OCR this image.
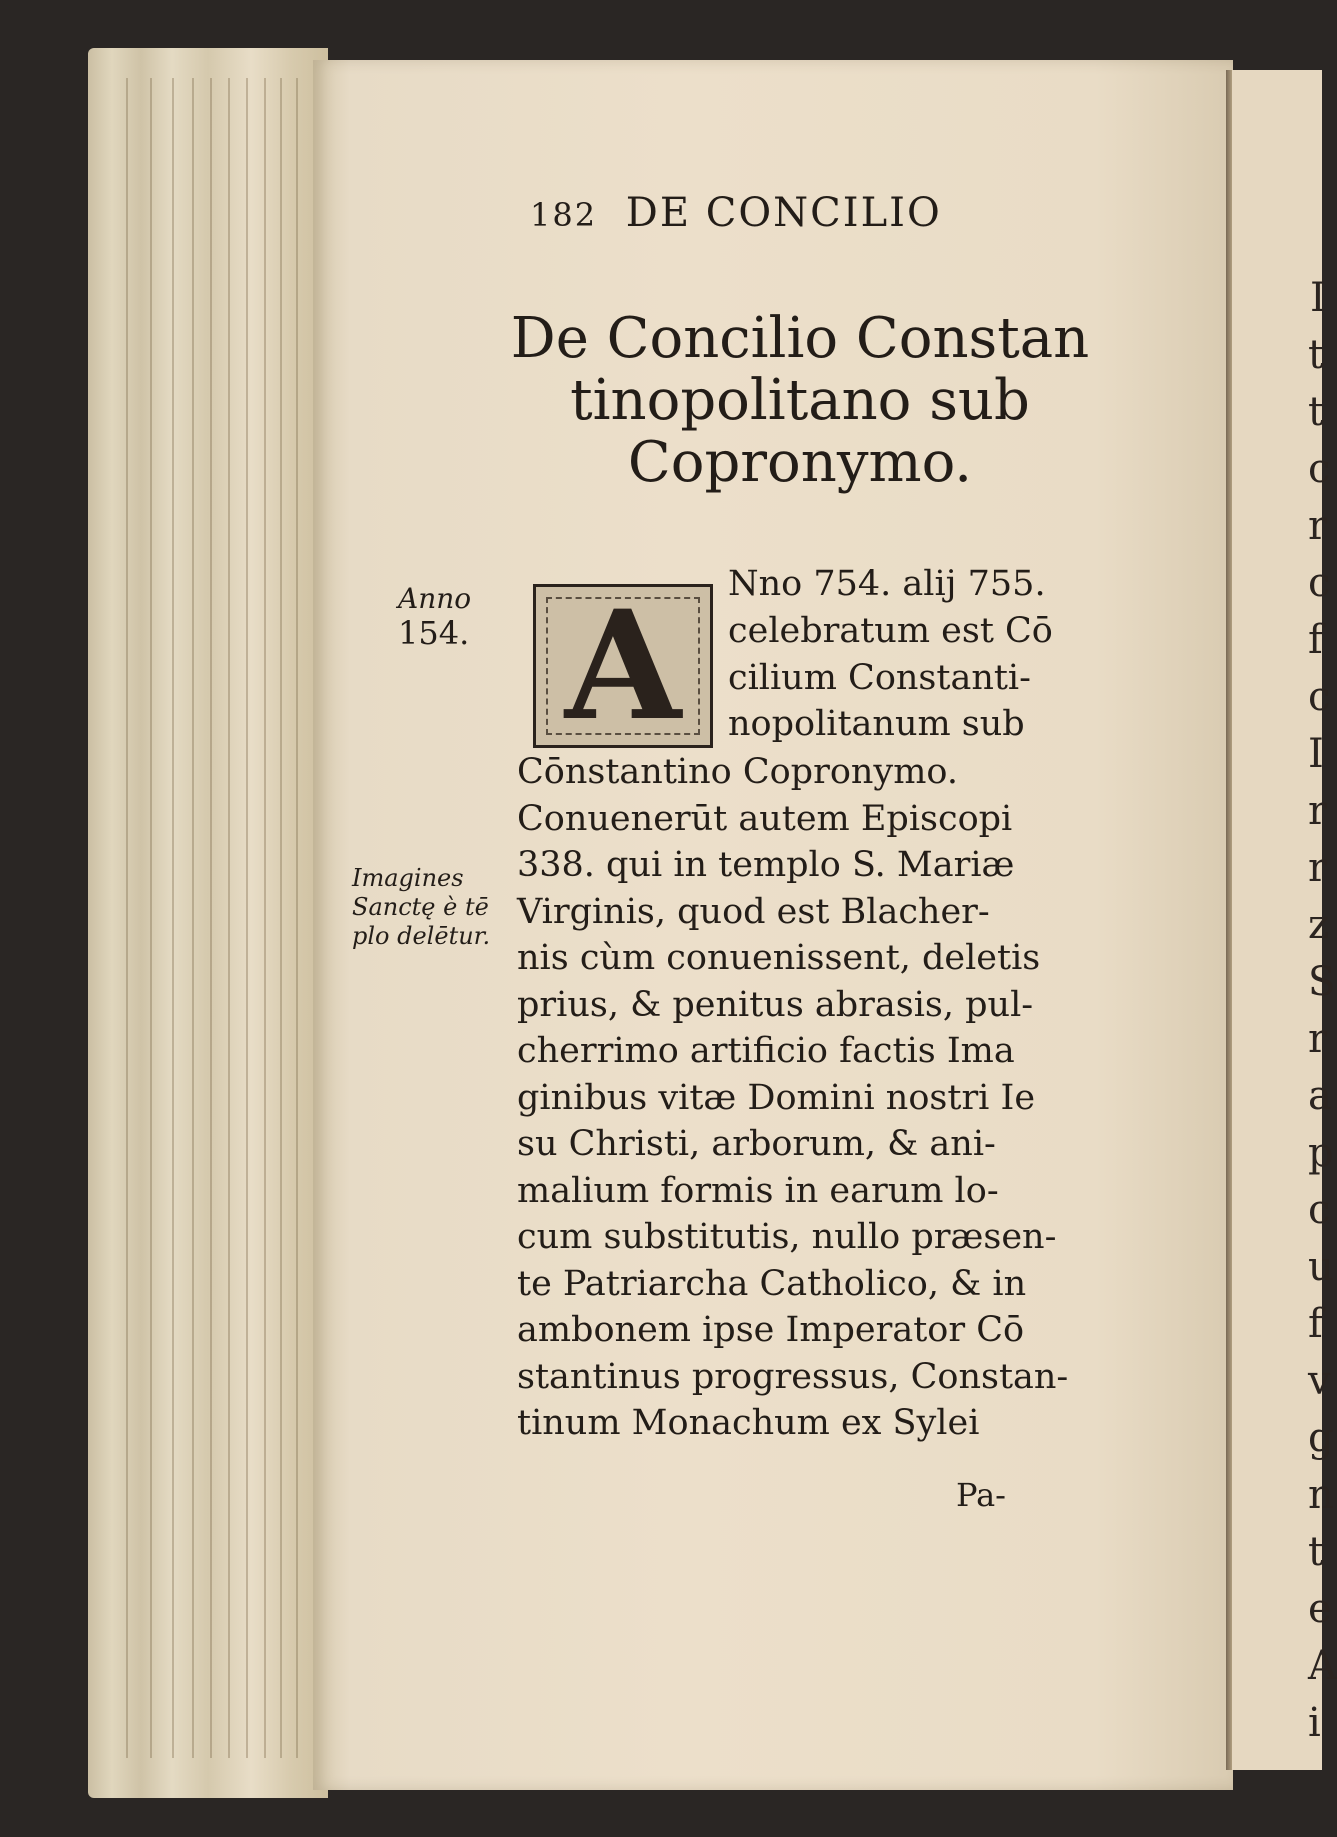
I
t
t
c
r
c
f
c
I
r
r
z
S
r
a
p
c
u
f
v
g
n
t
e
A
i
182 DE CONCILIO
De Concilio Constan
tinopolitano sub
Copronymo.
Anno
154.
Imagines
Sanctę è tē
plo delētur.
A	Nno 754. alij 755.
celebratum est Cō
cilium Constanti-
nopolitanum sub
Cōnstantino Copronymo.
Conuenerūt autem Episcopi
338. qui in templo S. Mariæ
Virginis, quod est Blacher-
nis cùm conuenissent, deletis
prius, & penitus abrasis, pul-
cherrimo artificio factis Ima
ginibus vitæ Domini nostri Ie
su Christi, arborum, & ani-
malium formis in earum lo-
cum substitutis, nullo præsen-
te Patriarcha Catholico, & in
ambonem ipse Imperator Cō
stantinus progressus, Constan-
tinum Monachum ex Sylei
Pa-
